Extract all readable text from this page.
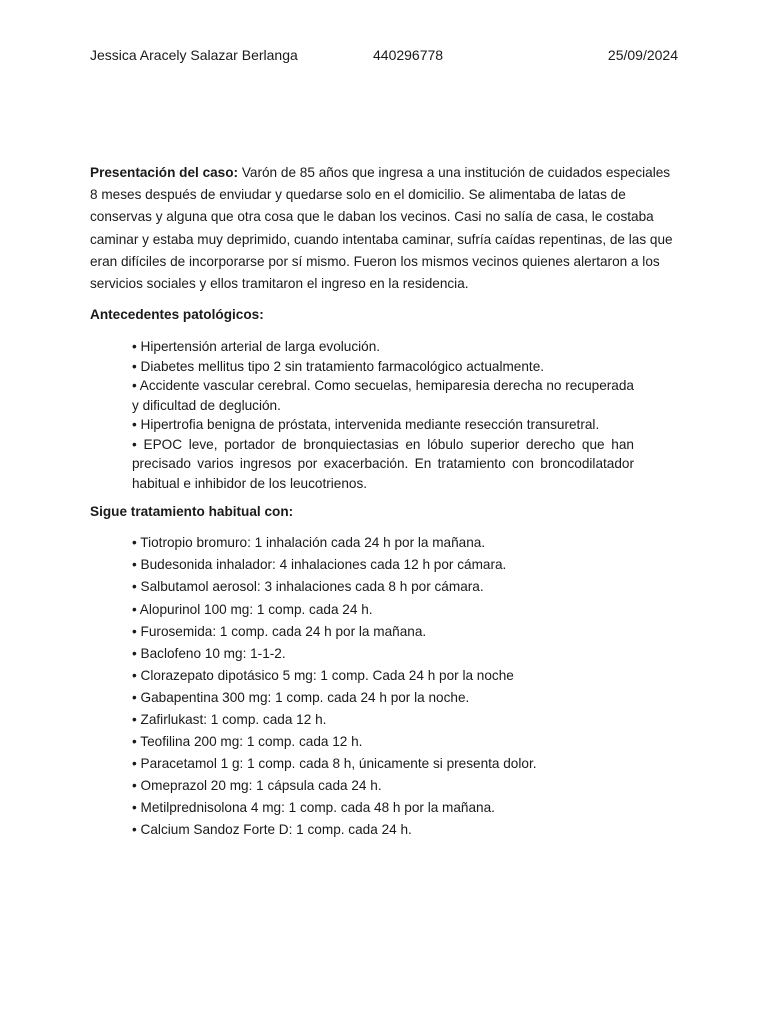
Jessica Aracely Salazar Berlanga	440296778	25/09/2024

Presentación del caso: Varón de 85 años que ingresa a una institución de cuidados especiales 8 meses después de enviudar y quedarse solo en el domicilio. Se alimentaba de latas de conservas y alguna que otra cosa que le daban los vecinos. Casi no salía de casa, le costaba caminar y estaba muy deprimido, cuando intentaba caminar, sufría caídas repentinas, de las que eran difíciles de incorporarse por sí mismo. Fueron los mismos vecinos quienes alertaron a los servicios sociales y ellos tramitaron el ingreso en la residencia.

Antecedentes patológicos:

• Hipertensión arterial de larga evolución.
• Diabetes mellitus tipo 2 sin tratamiento farmacológico actualmente.
• Accidente vascular cerebral. Como secuelas, hemiparesia derecha no recuperada y dificultad de deglución.
• Hipertrofia benigna de próstata, intervenida mediante resección transuretral.
• EPOC leve, portador de bronquiectasias en lóbulo superior derecho que han precisado varios ingresos por exacerbación. En tratamiento con broncodilatador habitual e inhibidor de los leucotrienos.

Sigue tratamiento habitual con:

• Tiotropio bromuro: 1 inhalación cada 24 h por la mañana.
• Budesonida inhalador: 4 inhalaciones cada 12 h por cámara.
• Salbutamol aerosol: 3 inhalaciones cada 8 h por cámara.
• Alopurinol 100 mg: 1 comp. cada 24 h.
• Furosemida: 1 comp. cada 24 h por la mañana.
• Baclofeno 10 mg: 1-1-2.
• Clorazepato dipotásico 5 mg: 1 comp. Cada 24 h por la noche
• Gabapentina 300 mg: 1 comp. cada 24 h por la noche.
• Zafirlukast: 1 comp. cada 12 h.
• Teofilina 200 mg: 1 comp. cada 12 h.
• Paracetamol 1 g: 1 comp. cada 8 h, únicamente si presenta dolor.
• Omeprazol 20 mg: 1 cápsula cada 24 h.
• Metilprednisolona 4 mg: 1 comp. cada 48 h por la mañana.
• Calcium Sandoz Forte D: 1 comp. cada 24 h.
